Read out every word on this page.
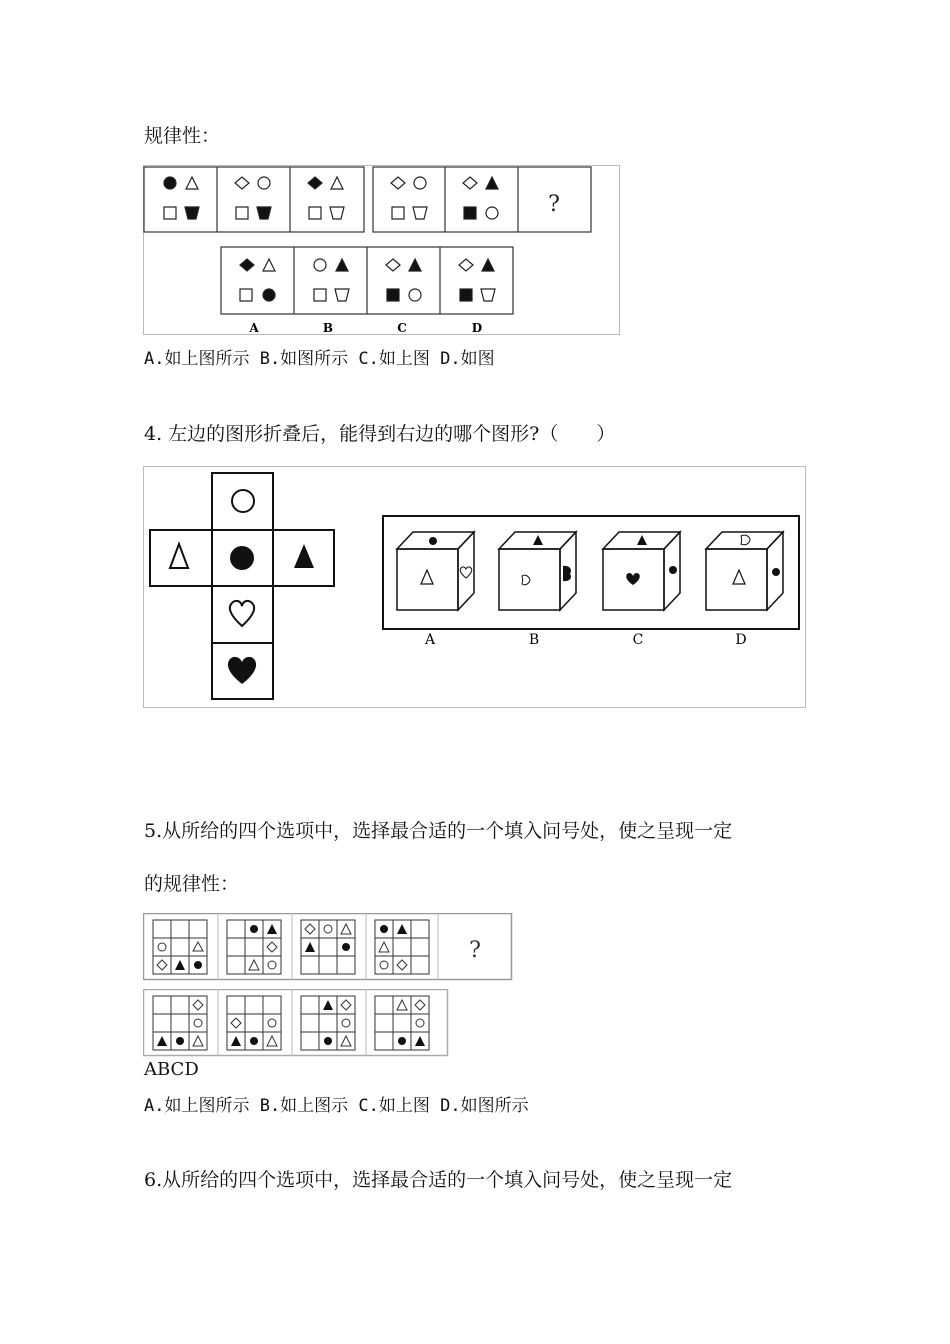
规律性：
?
A	B	C	D
A.如上图所示 B.如图所示 C.如上图 D.如图
4. 左边的图形折叠后，能得到右边的哪个图形?（　　）
A	B	C	D
5.从所给的四个选项中，选择最合适的一个填入问号处，使之呈现一定
的规律性：
?
ABCD
A.如上图所示 B.如上图示 C.如上图 D.如图所示
6.从所给的四个选项中，选择最合适的一个填入问号处，使之呈现一定
